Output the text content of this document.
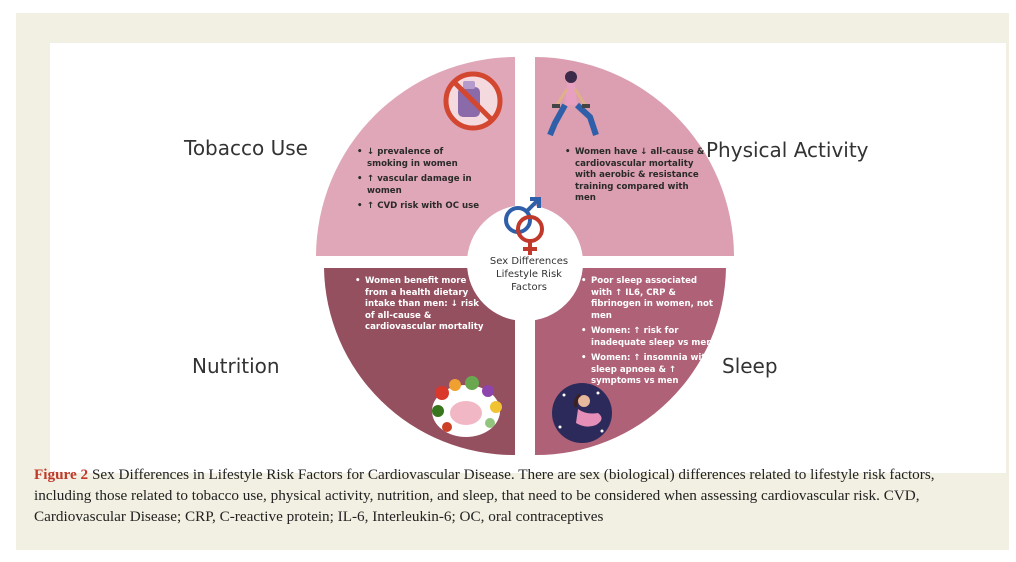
Tobacco Use	Physical Activity
Nutrition	Sleep
• ↓ prevalence of smoking in women
• ↑ vascular damage in women
• ↑ CVD risk with OC use
• Women have ↓ all-cause & cardiovascular mortality with aerobic & resistance training compared with men
• Women benefit more from a health dietary intake than men: ↓ risk of all-cause & cardiovascular mortality
• Poor sleep associated with ↑ IL6, CRP & fibrinogen in women, not men
• Women: ↑ risk for inadequate sleep vs men
• Women: ↑ insomnia with sleep apnoea & ↑ symptoms vs men
Sex Differences Lifestyle Risk Factors

Figure 2 Sex Differences in Lifestyle Risk Factors for Cardiovascular Disease. There are sex (biological) differences related to lifestyle risk factors, including those related to tobacco use, physical activity, nutrition, and sleep, that need to be considered when assessing cardiovascular risk. CVD, Cardiovascular Disease; CRP, C-reactive protein; IL-6, Interleukin-6; OC, oral contraceptives
